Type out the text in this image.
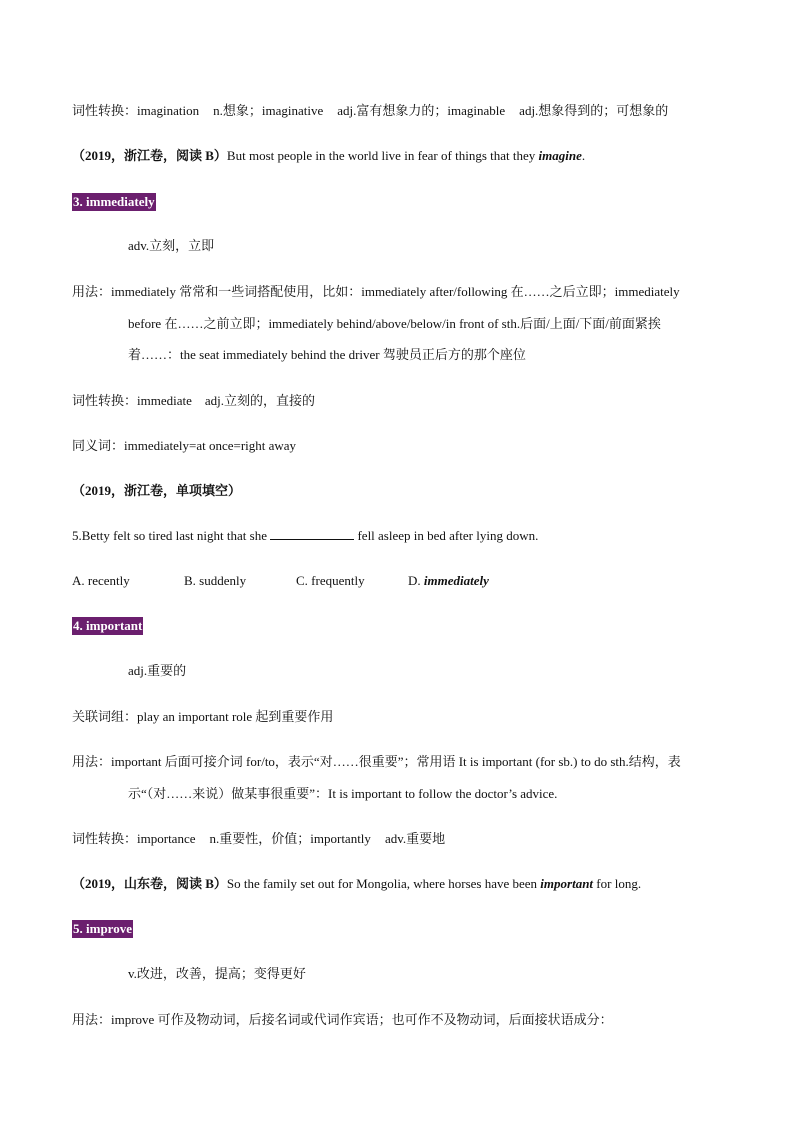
词性转换：imagination n.想象；imaginative adj.富有想象力的；imaginable adj.想象得到的；可想象的
（2019，浙江卷，阅读 B）But most people in the world live in fear of things that they imagine.
3. immediately
adv.立刻，立即
用法：immediately 常常和一些词搭配使用，比如：immediately after/following 在……之后立即；immediately
before 在……之前立即；immediately behind/above/below/in front of sth.后面/上面/下面/前面紧挨
着……：the seat immediately behind the driver 驾驶员正后方的那个座位
词性转换：immediate　adj.立刻的，直接的
同义词：immediately=at once=right away
（2019，浙江卷，单项填空）
5.Betty felt so tired last night that she	fell asleep in bed after lying down.
A. recently	B. suddenly	C. frequently	D. immediately
4. important
adj.重要的
关联词组：play an important role 起到重要作用
用法：important 后面可接介词 for/to，表示“对……很重要”；常用语 It is important (for sb.) to do sth.结构，表
示“（对……来说）做某事很重要”：It is important to follow the doctor’s advice.
词性转换：importance n.重要性，价值；importantly adv.重要地
（2019，山东卷，阅读 B）So the family set out for Mongolia, where horses have been important for long.
5. improve
v.改进，改善，提高；变得更好
用法：improve 可作及物动词，后接名词或代词作宾语；也可作不及物动词，后面接状语成分：
